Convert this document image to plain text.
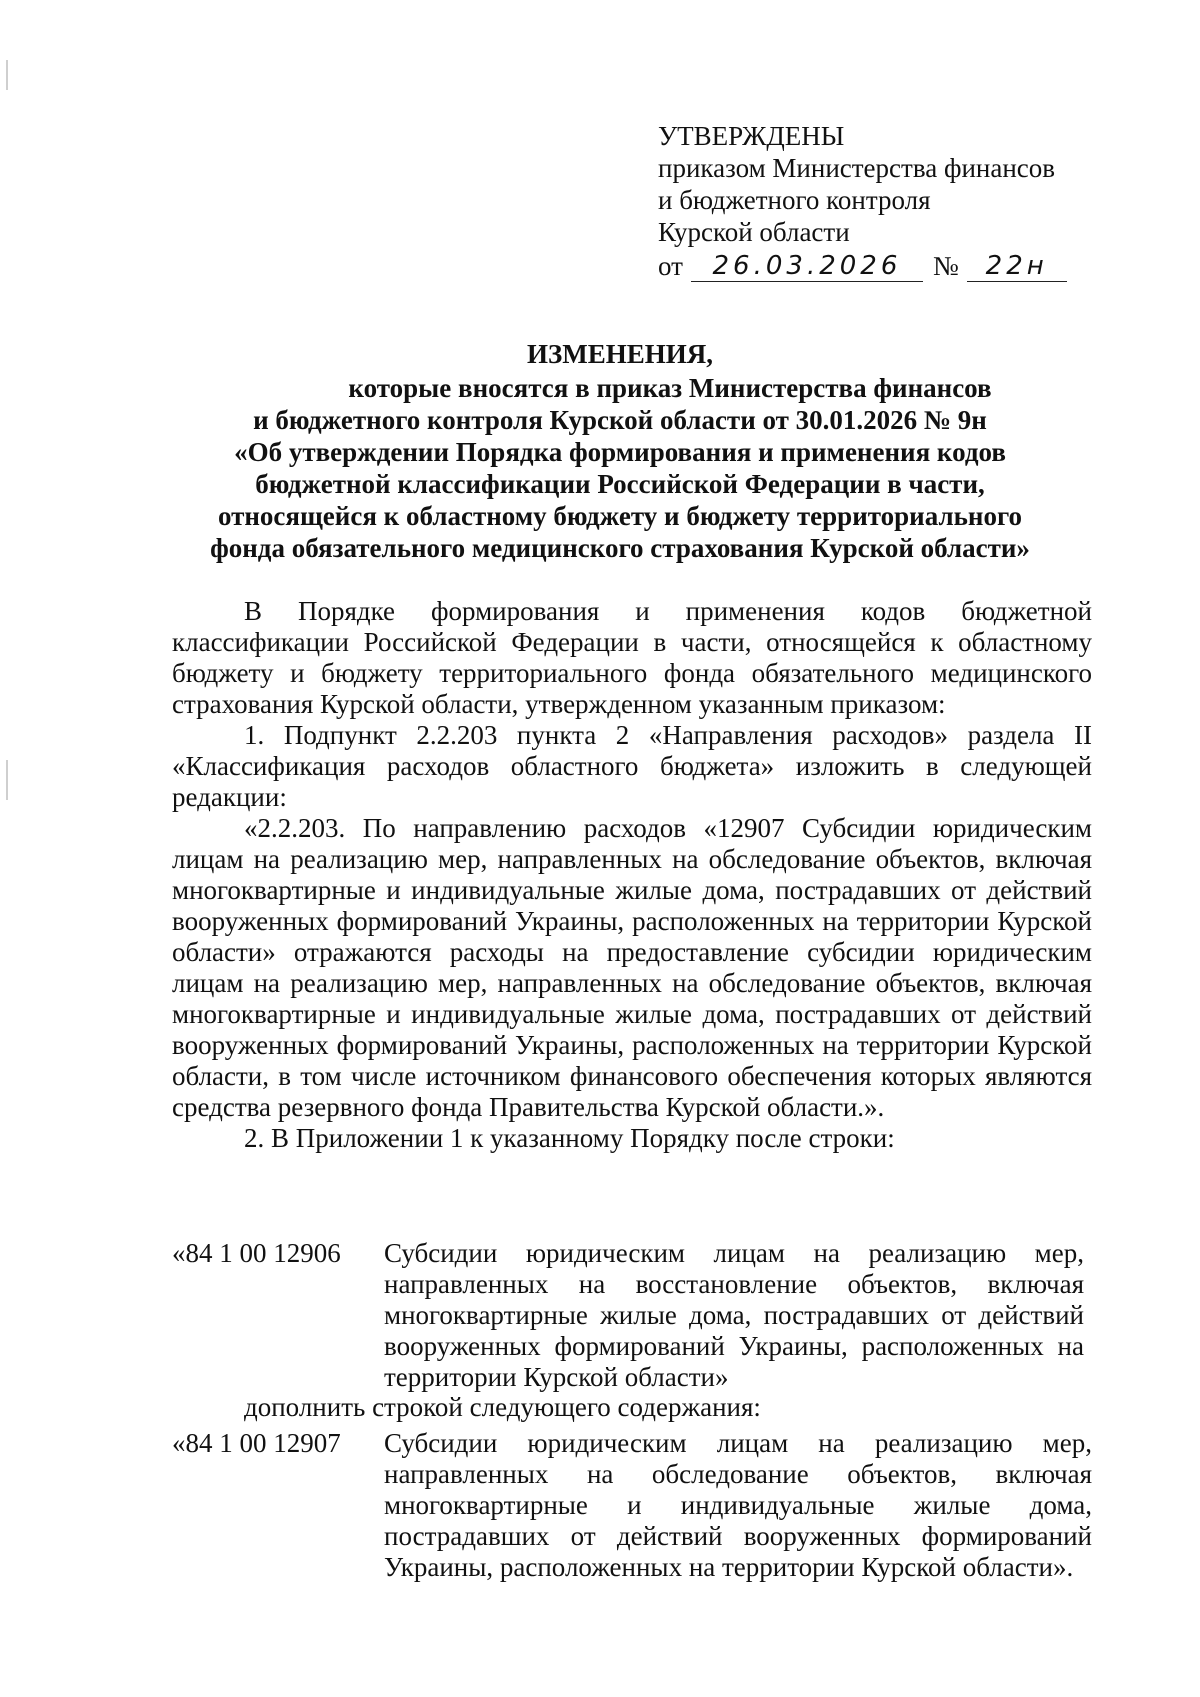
УТВЕРЖДЕНЫ
приказом Министерства финансов
и бюджетного контроля
Курской области
от	26.03.2026	№	22н
ИЗМЕНЕНИЯ,
которые вносятся в приказ Министерства финансов
и бюджетного контроля Курской области от 30.01.2026 № 9н
«Об утверждении Порядка формирования и применения кодов
бюджетной классификации Российской Федерации в части,
относящейся к областному бюджету и бюджету территориального
фонда обязательного медицинского страхования Курской области»

В Порядке формирования и применения кодов бюджетной классификации Российской Федерации в части, относящейся к областному бюджету и бюджету территориального фонда обязательного медицинского страхования Курской области, утвержденном указанным приказом:

1. Подпункт 2.2.203 пункта 2 «Направления расходов» раздела II «Классификация расходов областного бюджета» изложить в следующей редакции:

«2.2.203. По направлению расходов «12907 Субсидии юридическим лицам на реализацию мер, направленных на обследование объектов, включая многоквартирные и индивидуальные жилые дома, пострадавших от действий вооруженных формирований Украины, расположенных на территории Курской области» отражаются расходы на предоставление субсидии юридическим лицам на реализацию мер, направленных на обследование объектов, включая многоквартирные и индивидуальные жилые дома, пострадавших от действий вооруженных формирований Украины, расположенных на территории Курской области, в том числе источником финансового обеспечения которых являются средства резервного фонда Правительства Курской области.».

2. В Приложении 1 к указанному Порядку после строки:

«84 1 00 12906	Субсидии юридическим лицам на реализацию мер, направленных на восстановление объектов, включая многоквартирные жилые дома, пострадавших от действий вооруженных формирований Украины, расположенных на территории Курской области»
дополнить строкой следующего содержания:
«84 1 00 12907	Субсидии юридическим лицам на реализацию мер, направленных на обследование объектов, включая многоквартирные и индивидуальные жилые дома, пострадавших от действий вооруженных формирований Украины, расположенных на территории Курской области».
